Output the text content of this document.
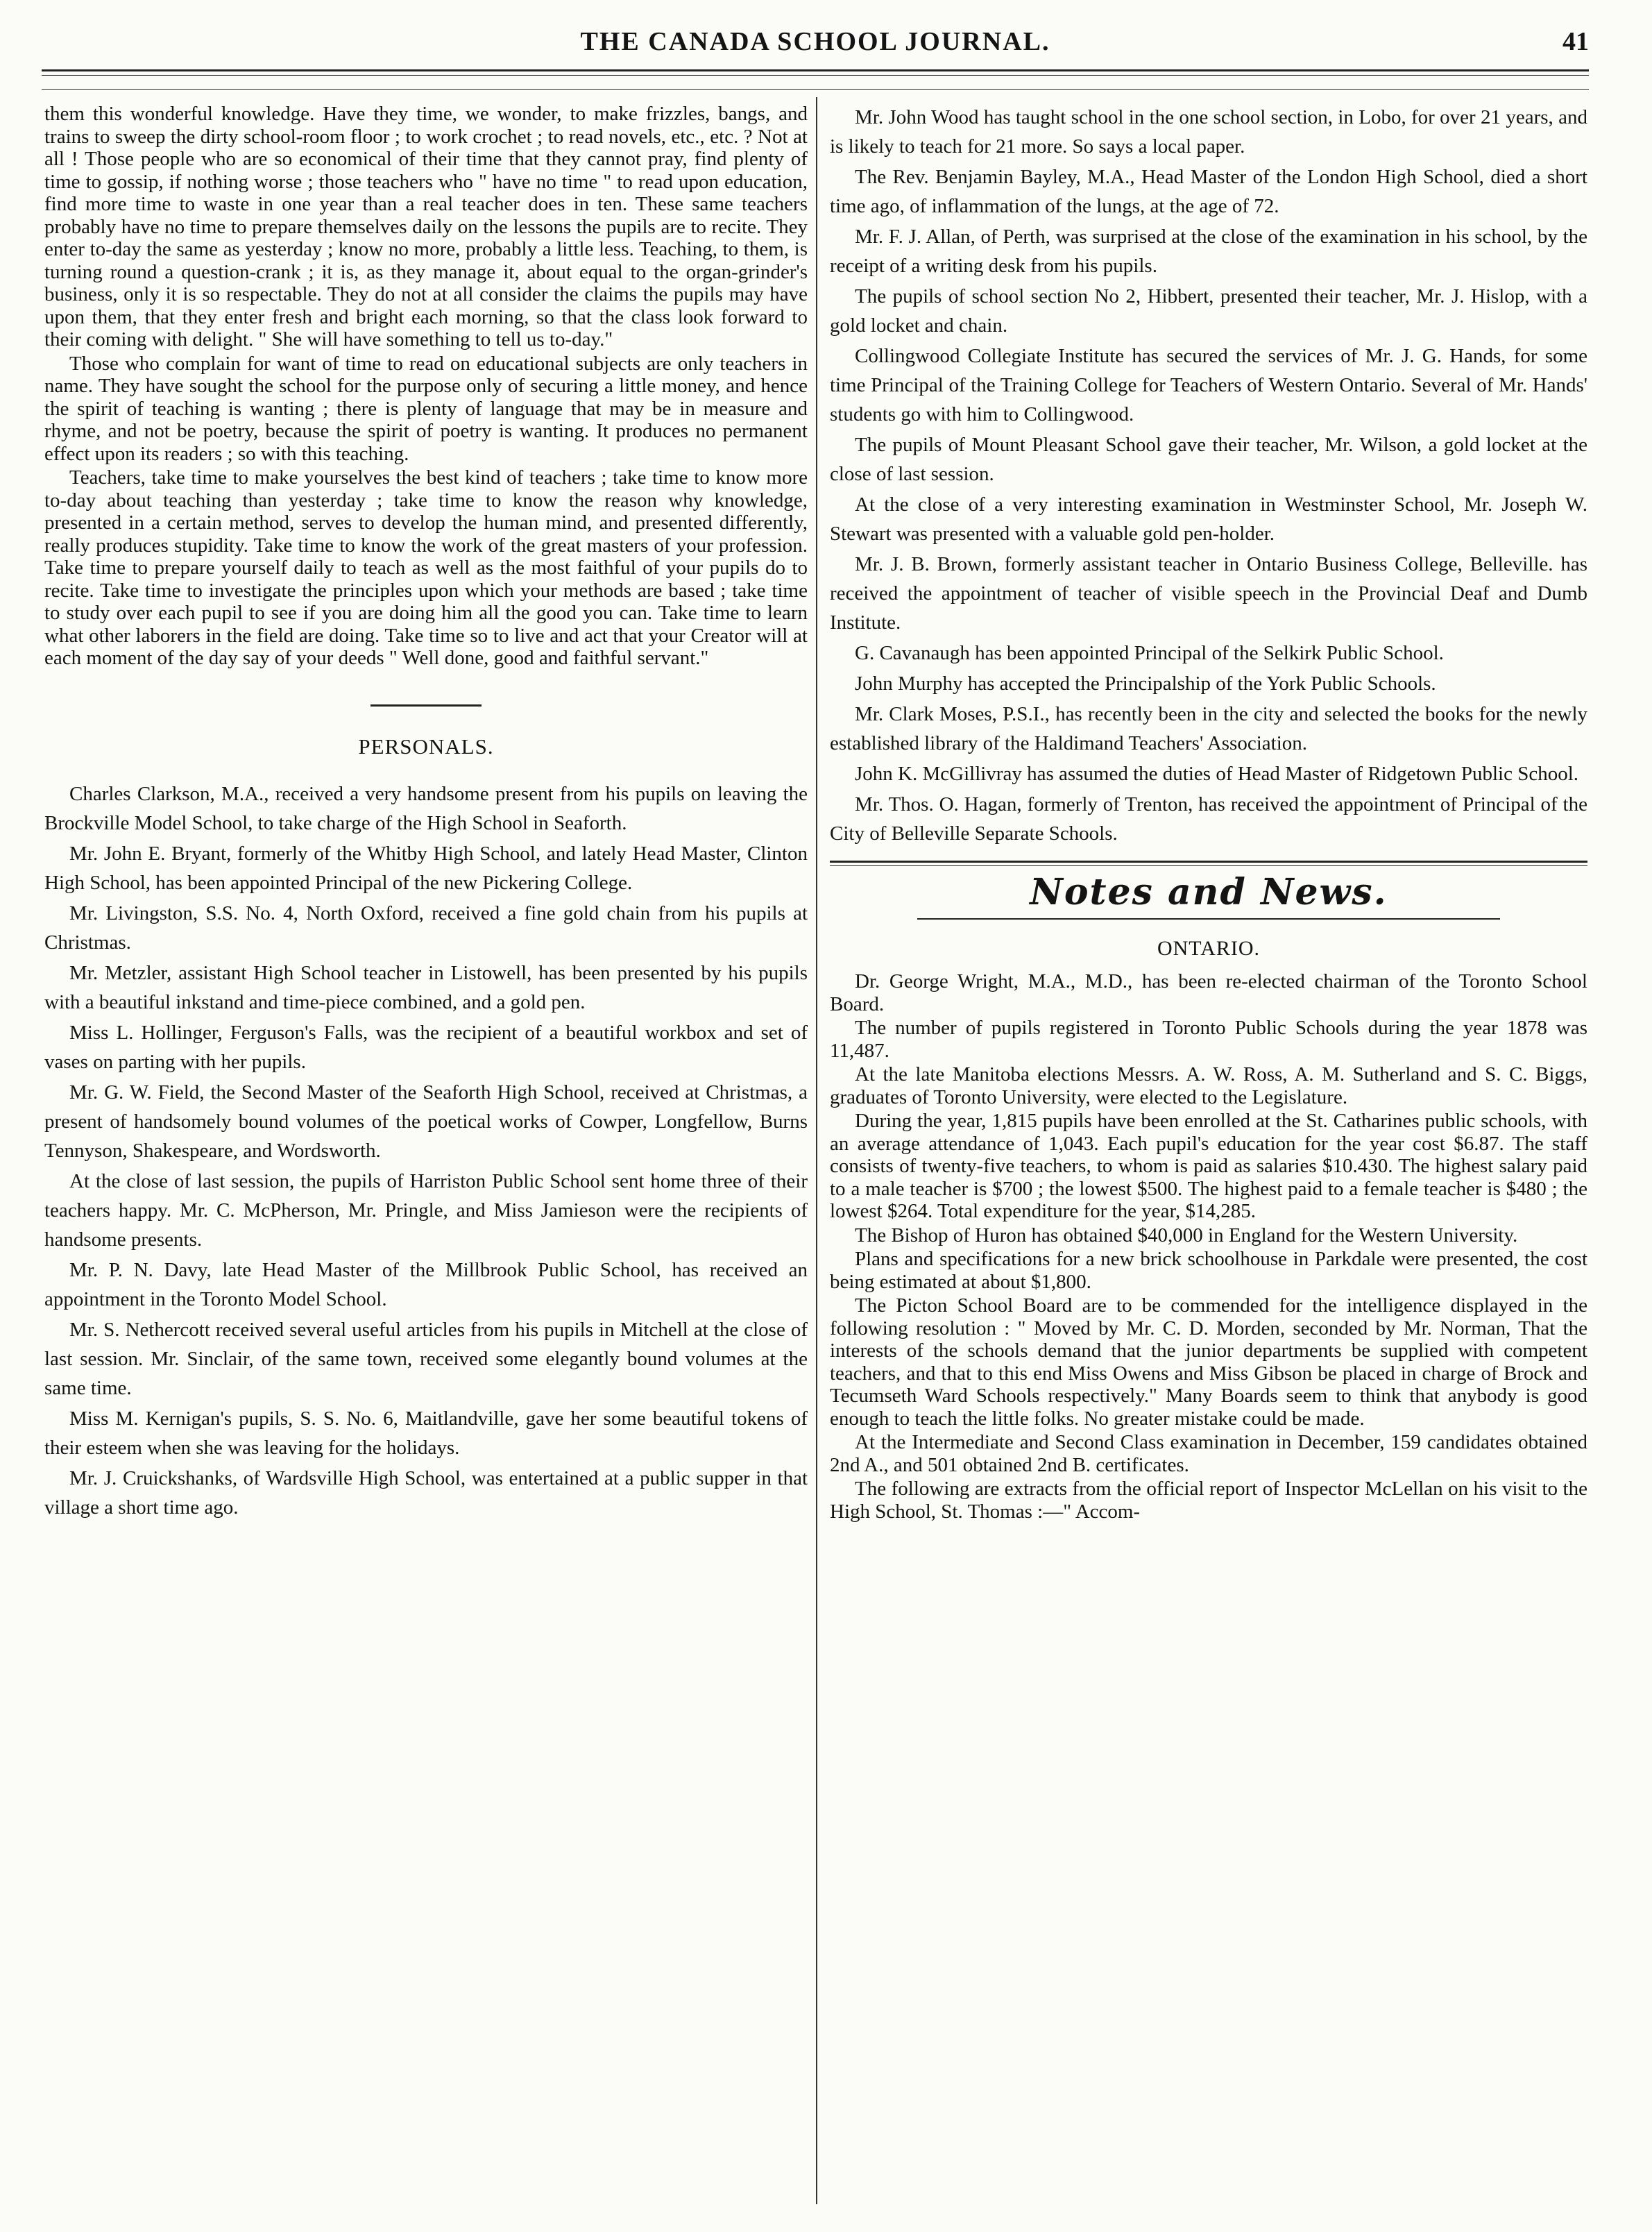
THE CANADA SCHOOL JOURNAL.	41

them this wonderful knowledge. Have they time, we wonder, to make frizzles, bangs, and trains to sweep the dirty school-room floor ; to work crochet ; to read novels, etc., etc. ? Not at all ! Those people who are so economical of their time that they cannot pray, find plenty of time to gossip, if nothing worse ; those teachers who " have no time " to read upon education, find more time to waste in one year than a real teacher does in ten. These same teachers probably have no time to prepare themselves daily on the lessons the pupils are to recite. They enter to-day the same as yesterday ; know no more, probably a little less. Teaching, to them, is turning round a question-crank ; it is, as they manage it, about equal to the organ-grinder's business, only it is so respectable. They do not at all consider the claims the pupils may have upon them, that they enter fresh and bright each morning, so that the class look forward to their coming with delight. " She will have something to tell us to-day."

Those who complain for want of time to read on educational subjects are only teachers in name. They have sought the school for the purpose only of securing a little money, and hence the spirit of teaching is wanting ; there is plenty of language that may be in measure and rhyme, and not be poetry, because the spirit of poetry is wanting. It produces no permanent effect upon its readers ; so with this teaching.

Teachers, take time to make yourselves the best kind of teachers ; take time to know more to-day about teaching than yesterday ; take time to know the reason why knowledge, presented in a certain method, serves to develop the human mind, and presented differently, really produces stupidity. Take time to know the work of the great masters of your profession. Take time to prepare yourself daily to teach as well as the most faithful of your pupils do to recite. Take time to investigate the principles upon which your methods are based ; take time to study over each pupil to see if you are doing him all the good you can. Take time to learn what other laborers in the field are doing. Take time so to live and act that your Creator will at each moment of the day say of your deeds " Well done, good and faithful servant."

PERSONALS.

Charles Clarkson, M.A., received a very handsome present from his pupils on leaving the Brockville Model School, to take charge of the High School in Seaforth.

Mr. John E. Bryant, formerly of the Whitby High School, and lately Head Master, Clinton High School, has been appointed Principal of the new Pickering College.

Mr. Livingston, S.S. No. 4, North Oxford, received a fine gold chain from his pupils at Christmas.

Mr. Metzler, assistant High School teacher in Listowell, has been presented by his pupils with a beautiful inkstand and time-piece combined, and a gold pen.

Miss L. Hollinger, Ferguson's Falls, was the recipient of a beautiful workbox and set of vases on parting with her pupils.

Mr. G. W. Field, the Second Master of the Seaforth High School, received at Christmas, a present of handsomely bound volumes of the poetical works of Cowper, Longfellow, Burns Tennyson, Shakespeare, and Wordsworth.

At the close of last session, the pupils of Harriston Public School sent home three of their teachers happy. Mr. C. McPherson, Mr. Pringle, and Miss Jamieson were the recipients of handsome presents.

Mr. P. N. Davy, late Head Master of the Millbrook Public School, has received an appointment in the Toronto Model School.

Mr. S. Nethercott received several useful articles from his pupils in Mitchell at the close of last session. Mr. Sinclair, of the same town, received some elegantly bound volumes at the same time.

Miss M. Kernigan's pupils, S. S. No. 6, Maitlandville, gave her some beautiful tokens of their esteem when she was leaving for the holidays.

Mr. J. Cruickshanks, of Wardsville High School, was entertained at a public supper in that village a short time ago.

Mr. John Wood has taught school in the one school section, in Lobo, for over 21 years, and is likely to teach for 21 more. So says a local paper.

The Rev. Benjamin Bayley, M.A., Head Master of the London High School, died a short time ago, of inflammation of the lungs, at the age of 72.

Mr. F. J. Allan, of Perth, was surprised at the close of the examination in his school, by the receipt of a writing desk from his pupils.

The pupils of school section No 2, Hibbert, presented their teacher, Mr. J. Hislop, with a gold locket and chain.

Collingwood Collegiate Institute has secured the services of Mr. J. G. Hands, for some time Principal of the Training College for Teachers of Western Ontario. Several of Mr. Hands' students go with him to Collingwood.

The pupils of Mount Pleasant School gave their teacher, Mr. Wilson, a gold locket at the close of last session.

At the close of a very interesting examination in Westminster School, Mr. Joseph W. Stewart was presented with a valuable gold pen-holder.

Mr. J. B. Brown, formerly assistant teacher in Ontario Business College, Belleville. has received the appointment of teacher of visible speech in the Provincial Deaf and Dumb Institute.

G. Cavanaugh has been appointed Principal of the Selkirk Public School.

John Murphy has accepted the Principalship of the York Public Schools.

Mr. Clark Moses, P.S.I., has recently been in the city and selected the books for the newly established library of the Haldimand Teachers' Association.

John K. McGillivray has assumed the duties of Head Master of Ridgetown Public School.

Mr. Thos. O. Hagan, formerly of Trenton, has received the appointment of Principal of the City of Belleville Separate Schools.

Notes and News.
ONTARIO.

Dr. George Wright, M.A., M.D., has been re-elected chairman of the Toronto School Board.

The number of pupils registered in Toronto Public Schools during the year 1878 was 11,487.

At the late Manitoba elections Messrs. A. W. Ross, A. M. Sutherland and S. C. Biggs, graduates of Toronto University, were elected to the Legislature.

During the year, 1,815 pupils have been enrolled at the St. Catharines public schools, with an average attendance of 1,043. Each pupil's education for the year cost $6.87. The staff consists of twenty-five teachers, to whom is paid as salaries $10.430. The highest salary paid to a male teacher is $700 ; the lowest $500. The highest paid to a female teacher is $480 ; the lowest $264. Total expenditure for the year, $14,285.

The Bishop of Huron has obtained $40,000 in England for the Western University.

Plans and specifications for a new brick schoolhouse in Parkdale were presented, the cost being estimated at about $1,800.

The Picton School Board are to be commended for the intelligence displayed in the following resolution : " Moved by Mr. C. D. Morden, seconded by Mr. Norman, That the interests of the schools demand that the junior departments be supplied with competent teachers, and that to this end Miss Owens and Miss Gibson be placed in charge of Brock and Tecumseth Ward Schools respectively." Many Boards seem to think that anybody is good enough to teach the little folks. No greater mistake could be made.

At the Intermediate and Second Class examination in December, 159 candidates obtained 2nd A., and 501 obtained 2nd B. certificates.

The following are extracts from the official report of Inspector McLellan on his visit to the High School, St. Thomas :—" Accom-
